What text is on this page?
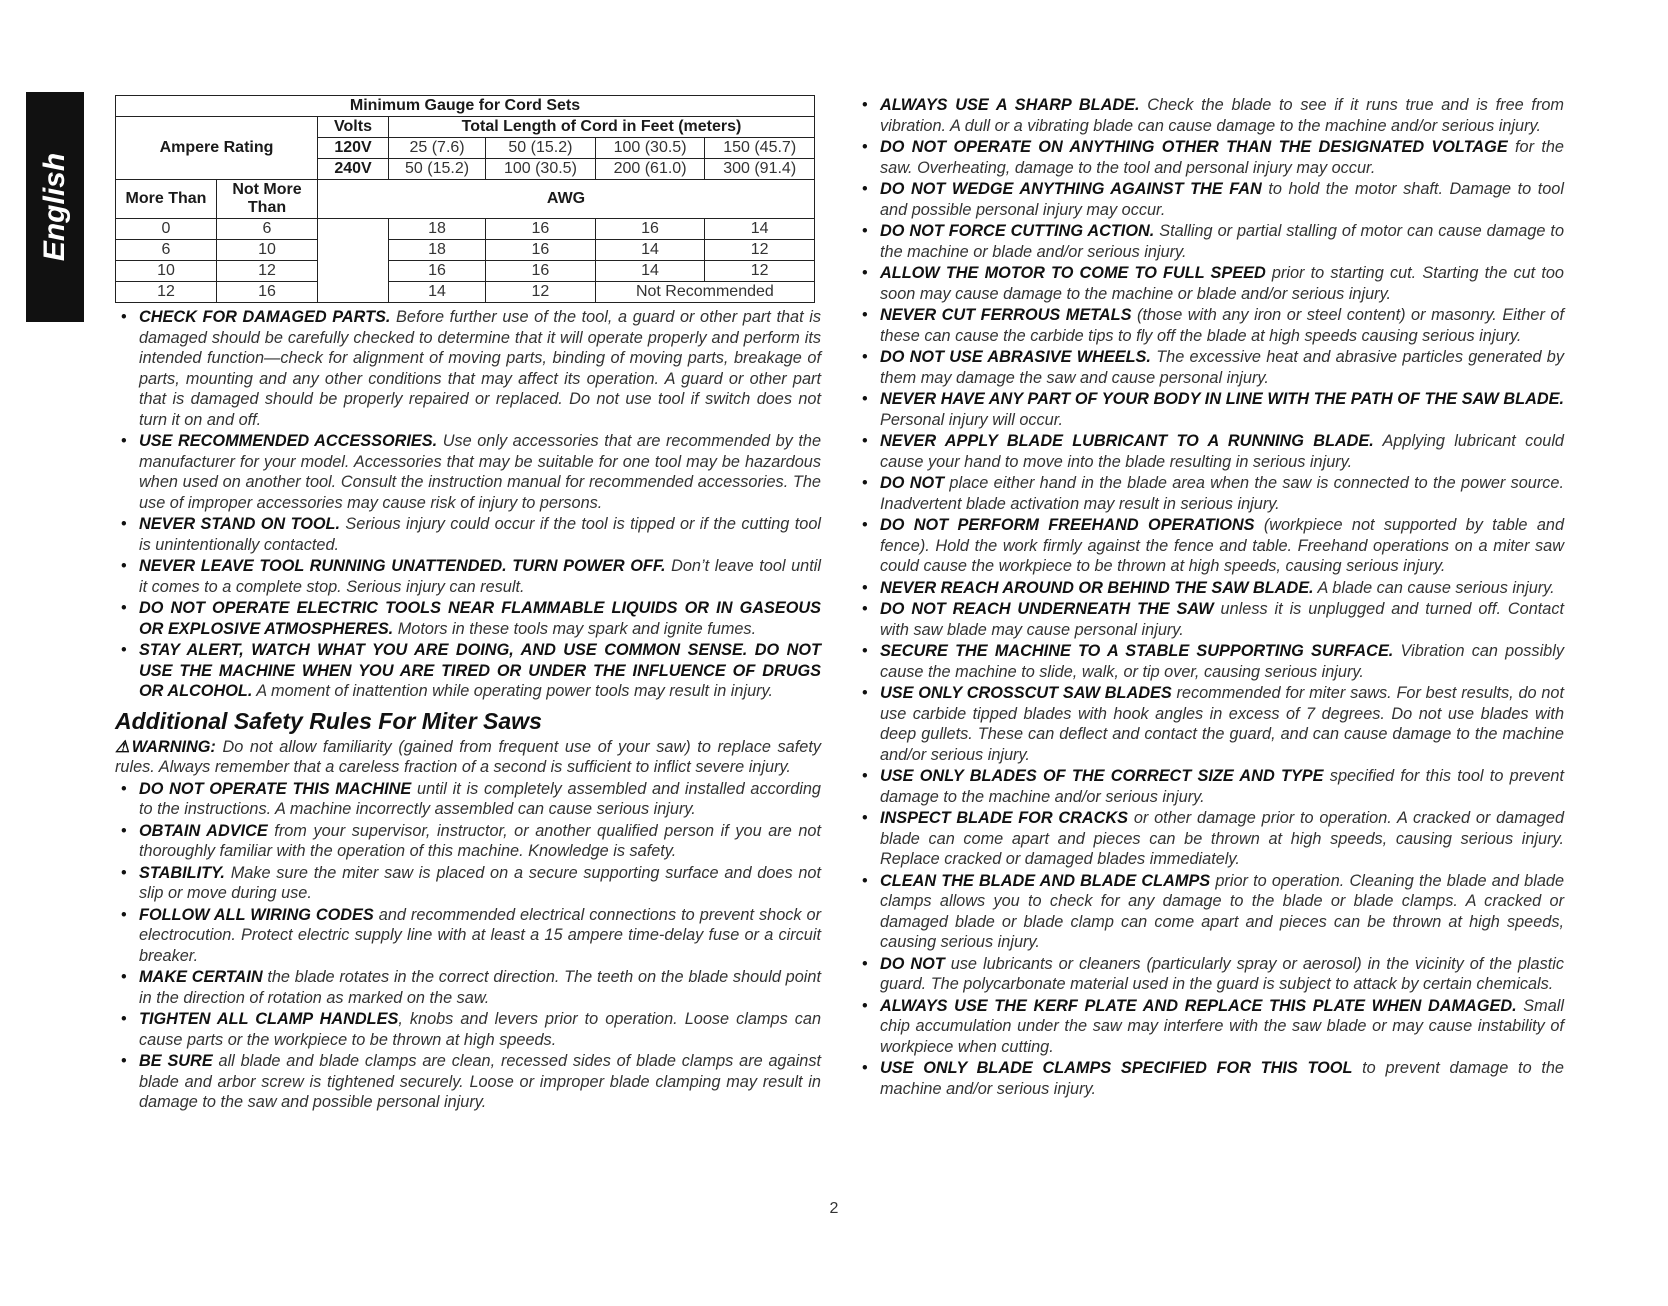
English
Minimum Gauge for Cord Sets						
Ampere Rating		Volts	Total Length of Cord in Feet (meters)			
		120V	25 (7.6)	50 (15.2)	100 (30.5)	150 (45.7)
		240V	50 (15.2)	100 (30.5)	200 (61.0)	300 (91.4)
More Than	Not More Than	AWG				
0	6		18	16	16	14
6	10		18	16	14	12
10	12		16	16	14	12
12	16		14	12	Not Recommended	
• CHECK FOR DAMAGED PARTS. Before further use of the tool, a guard or other part that is damaged should be carefully checked to determine that it will operate properly and perform its intended function—check for alignment of moving parts, binding of moving parts, breakage of parts, mounting and any other conditions that may affect its operation. A guard or other part that is damaged should be properly repaired or replaced. Do not use tool if switch does not turn it on and off.
• USE RECOMMENDED ACCESSORIES. Use only accessories that are recommended by the manufacturer for your model. Accessories that may be suitable for one tool may be hazardous when used on another tool. Consult the instruction manual for recommended accessories. The use of improper accessories may cause risk of injury to persons.
• NEVER STAND ON TOOL. Serious injury could occur if the tool is tipped or if the cutting tool is unintentionally contacted.
• NEVER LEAVE TOOL RUNNING UNATTENDED. TURN POWER OFF. Don’t leave tool until it comes to a complete stop. Serious injury can result.
• DO NOT OPERATE ELECTRIC TOOLS NEAR FLAMMABLE LIQUIDS OR IN GASEOUS OR EXPLOSIVE ATMOSPHERES. Motors in these tools may spark and ignite fumes.
• STAY ALERT, WATCH WHAT YOU ARE DOING, AND USE COMMON SENSE. DO NOT USE THE MACHINE WHEN YOU ARE TIRED OR UNDER THE INFLUENCE OF DRUGS OR ALCOHOL. A moment of inattention while operating power tools may result in injury.
Additional Safety Rules For Miter Saws

⚠WARNING: Do not allow familiarity (gained from frequent use of your saw) to replace safety rules. Always remember that a careless fraction of a second is sufficient to inflict severe injury.

• DO NOT OPERATE THIS MACHINE until it is completely assembled and installed according to the instructions. A machine incorrectly assembled can cause serious injury.
• OBTAIN ADVICE from your supervisor, instructor, or another qualified person if you are not thoroughly familiar with the operation of this machine. Knowledge is safety.
• STABILITY. Make sure the miter saw is placed on a secure supporting surface and does not slip or move during use.
• FOLLOW ALL WIRING CODES and recommended electrical connections to prevent shock or electrocution. Protect electric supply line with at least a 15 ampere time-delay fuse or a circuit breaker.
• MAKE CERTAIN the blade rotates in the correct direction. The teeth on the blade should point in the direction of rotation as marked on the saw.
• TIGHTEN ALL CLAMP HANDLES, knobs and levers prior to operation. Loose clamps can cause parts or the workpiece to be thrown at high speeds.
• BE SURE all blade and blade clamps are clean, recessed sides of blade clamps are against blade and arbor screw is tightened securely. Loose or improper blade clamping may result in damage to the saw and possible personal injury.
• ALWAYS USE A SHARP BLADE. Check the blade to see if it runs true and is free from vibration. A dull or a vibrating blade can cause damage to the machine and/or serious injury.
• DO NOT OPERATE ON ANYTHING OTHER THAN THE DESIGNATED VOLTAGE for the saw. Overheating, damage to the tool and personal injury may occur.
• DO NOT WEDGE ANYTHING AGAINST THE FAN to hold the motor shaft. Damage to tool and possible personal injury may occur.
• DO NOT FORCE CUTTING ACTION. Stalling or partial stalling of motor can cause damage to the machine or blade and/or serious injury.
• ALLOW THE MOTOR TO COME TO FULL SPEED prior to starting cut. Starting the cut too soon may cause damage to the machine or blade and/or serious injury.
• NEVER CUT FERROUS METALS (those with any iron or steel content) or masonry. Either of these can cause the carbide tips to fly off the blade at high speeds causing serious injury.
• DO NOT USE ABRASIVE WHEELS. The excessive heat and abrasive particles generated by them may damage the saw and cause personal injury.
• NEVER HAVE ANY PART OF YOUR BODY IN LINE WITH THE PATH OF THE SAW BLADE. Personal injury will occur.
• NEVER APPLY BLADE LUBRICANT TO A RUNNING BLADE. Applying lubricant could cause your hand to move into the blade resulting in serious injury.
• DO NOT place either hand in the blade area when the saw is connected to the power source. Inadvertent blade activation may result in serious injury.
• DO NOT PERFORM FREEHAND OPERATIONS (workpiece not supported by table and fence). Hold the work firmly against the fence and table. Freehand operations on a miter saw could cause the workpiece to be thrown at high speeds, causing serious injury.
• NEVER REACH AROUND OR BEHIND THE SAW BLADE. A blade can cause serious injury.
• DO NOT REACH UNDERNEATH THE SAW unless it is unplugged and turned off. Contact with saw blade may cause personal injury.
• SECURE THE MACHINE TO A STABLE SUPPORTING SURFACE. Vibration can possibly cause the machine to slide, walk, or tip over, causing serious injury.
• USE ONLY CROSSCUT SAW BLADES recommended for miter saws. For best results, do not use carbide tipped blades with hook angles in excess of 7 degrees. Do not use blades with deep gullets. These can deflect and contact the guard, and can cause damage to the machine and/or serious injury.
• USE ONLY BLADES OF THE CORRECT SIZE AND TYPE specified for this tool to prevent damage to the machine and/or serious injury.
• INSPECT BLADE FOR CRACKS or other damage prior to operation. A cracked or damaged blade can come apart and pieces can be thrown at high speeds, causing serious injury. Replace cracked or damaged blades immediately.
• CLEAN THE BLADE AND BLADE CLAMPS prior to operation. Cleaning the blade and blade clamps allows you to check for any damage to the blade or blade clamps. A cracked or damaged blade or blade clamp can come apart and pieces can be thrown at high speeds, causing serious injury.
• DO NOT use lubricants or cleaners (particularly spray or aerosol) in the vicinity of the plastic guard. The polycarbonate material used in the guard is subject to attack by certain chemicals.
• ALWAYS USE THE KERF PLATE AND REPLACE THIS PLATE WHEN DAMAGED. Small chip accumulation under the saw may interfere with the saw blade or may cause instability of workpiece when cutting.
• USE ONLY BLADE CLAMPS SPECIFIED FOR THIS TOOL to prevent damage to the machine and/or serious injury.
2
